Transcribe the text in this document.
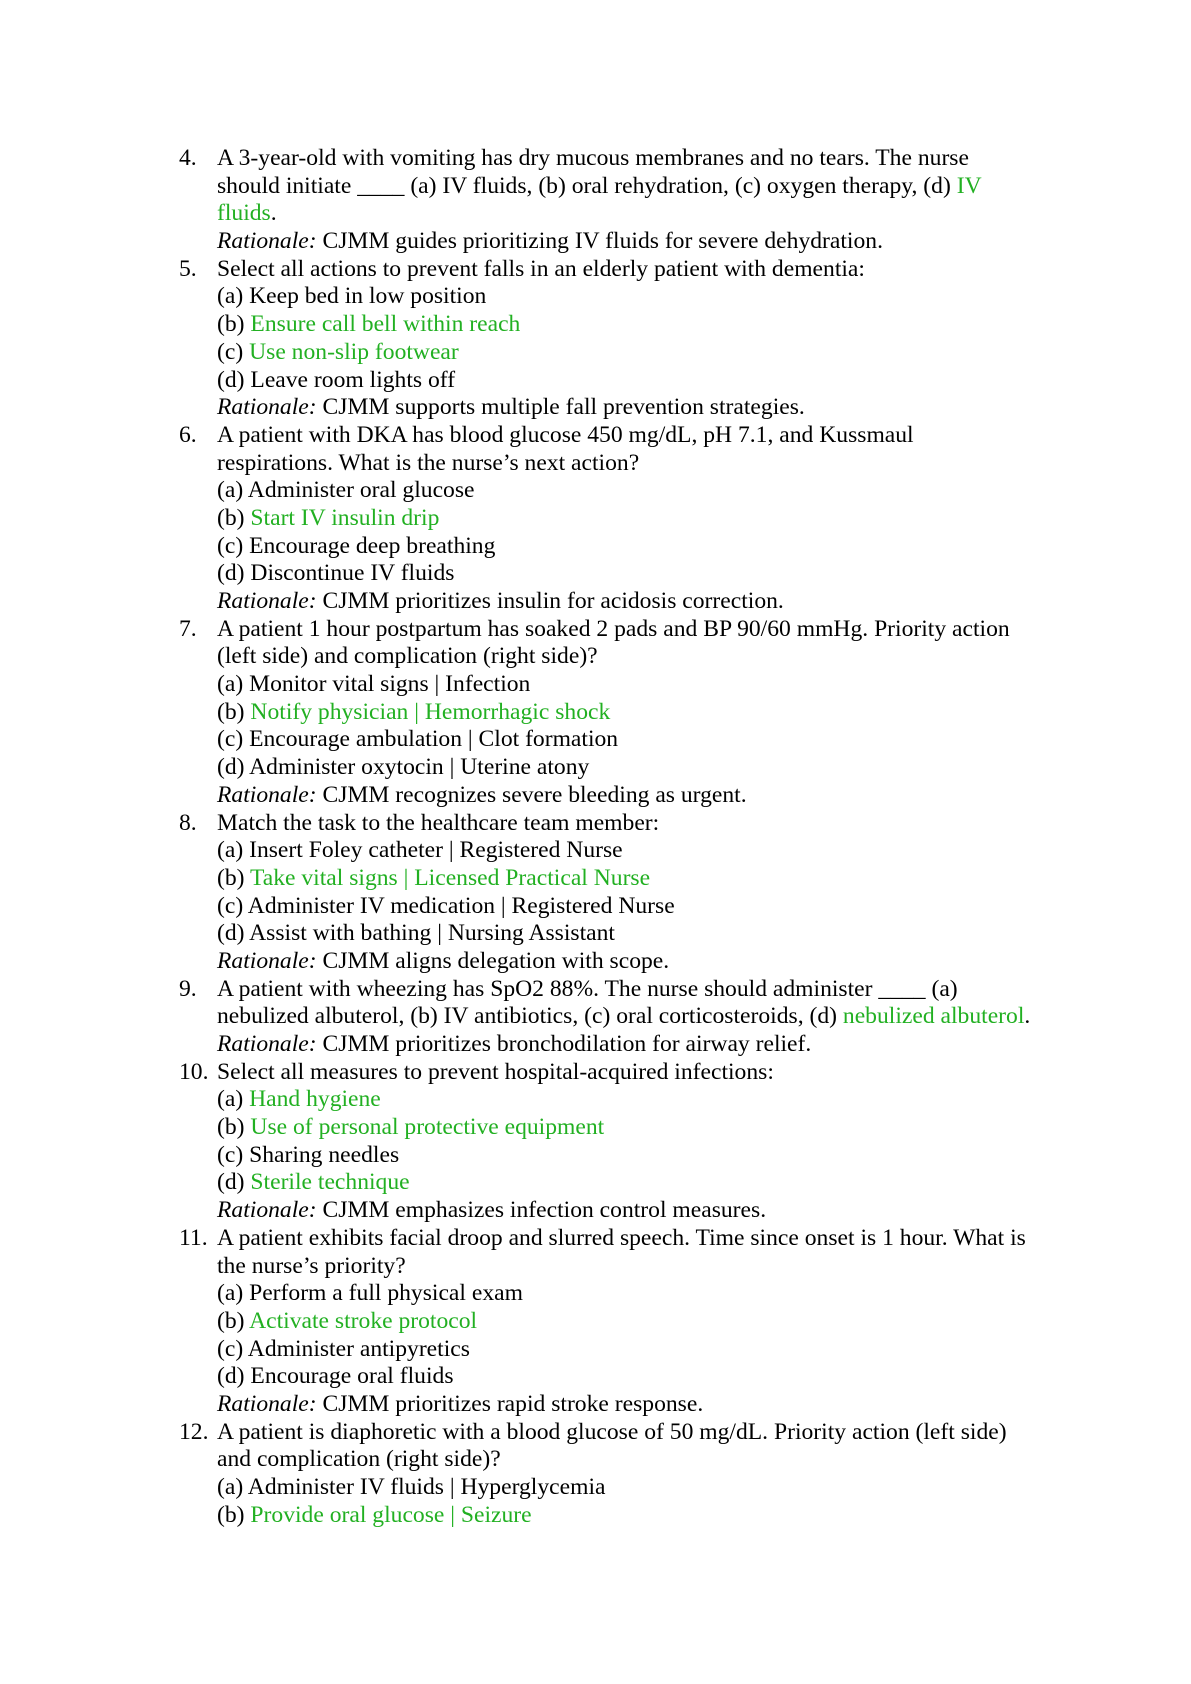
4. A 3-year-old with vomiting has dry mucous membranes and no tears. The nurse
should initiate ____ (a) IV fluids, (b) oral rehydration, (c) oxygen therapy, (d) IV
fluids.
Rationale: CJMM guides prioritizing IV fluids for severe dehydration.
5. Select all actions to prevent falls in an elderly patient with dementia:
(a) Keep bed in low position
(b) Ensure call bell within reach
(c) Use non-slip footwear
(d) Leave room lights off
Rationale: CJMM supports multiple fall prevention strategies.
6. A patient with DKA has blood glucose 450 mg/dL, pH 7.1, and Kussmaul
respirations. What is the nurse’s next action?
(a) Administer oral glucose
(b) Start IV insulin drip
(c) Encourage deep breathing
(d) Discontinue IV fluids
Rationale: CJMM prioritizes insulin for acidosis correction.
7. A patient 1 hour postpartum has soaked 2 pads and BP 90/60 mmHg. Priority action
(left side) and complication (right side)?
(a) Monitor vital signs | Infection
(b) Notify physician | Hemorrhagic shock
(c) Encourage ambulation | Clot formation
(d) Administer oxytocin | Uterine atony
Rationale: CJMM recognizes severe bleeding as urgent.
8. Match the task to the healthcare team member:
(a) Insert Foley catheter | Registered Nurse
(b) Take vital signs | Licensed Practical Nurse
(c) Administer IV medication | Registered Nurse
(d) Assist with bathing | Nursing Assistant
Rationale: CJMM aligns delegation with scope.
9. A patient with wheezing has SpO2 88%. The nurse should administer ____ (a)
nebulized albuterol, (b) IV antibiotics, (c) oral corticosteroids, (d) nebulized albuterol.
Rationale: CJMM prioritizes bronchodilation for airway relief.
10. Select all measures to prevent hospital-acquired infections:
(a) Hand hygiene
(b) Use of personal protective equipment
(c) Sharing needles
(d) Sterile technique
Rationale: CJMM emphasizes infection control measures.
11. A patient exhibits facial droop and slurred speech. Time since onset is 1 hour. What is
the nurse’s priority?
(a) Perform a full physical exam
(b) Activate stroke protocol
(c) Administer antipyretics
(d) Encourage oral fluids
Rationale: CJMM prioritizes rapid stroke response.
12. A patient is diaphoretic with a blood glucose of 50 mg/dL. Priority action (left side)
and complication (right side)?
(a) Administer IV fluids | Hyperglycemia
(b) Provide oral glucose | Seizure
